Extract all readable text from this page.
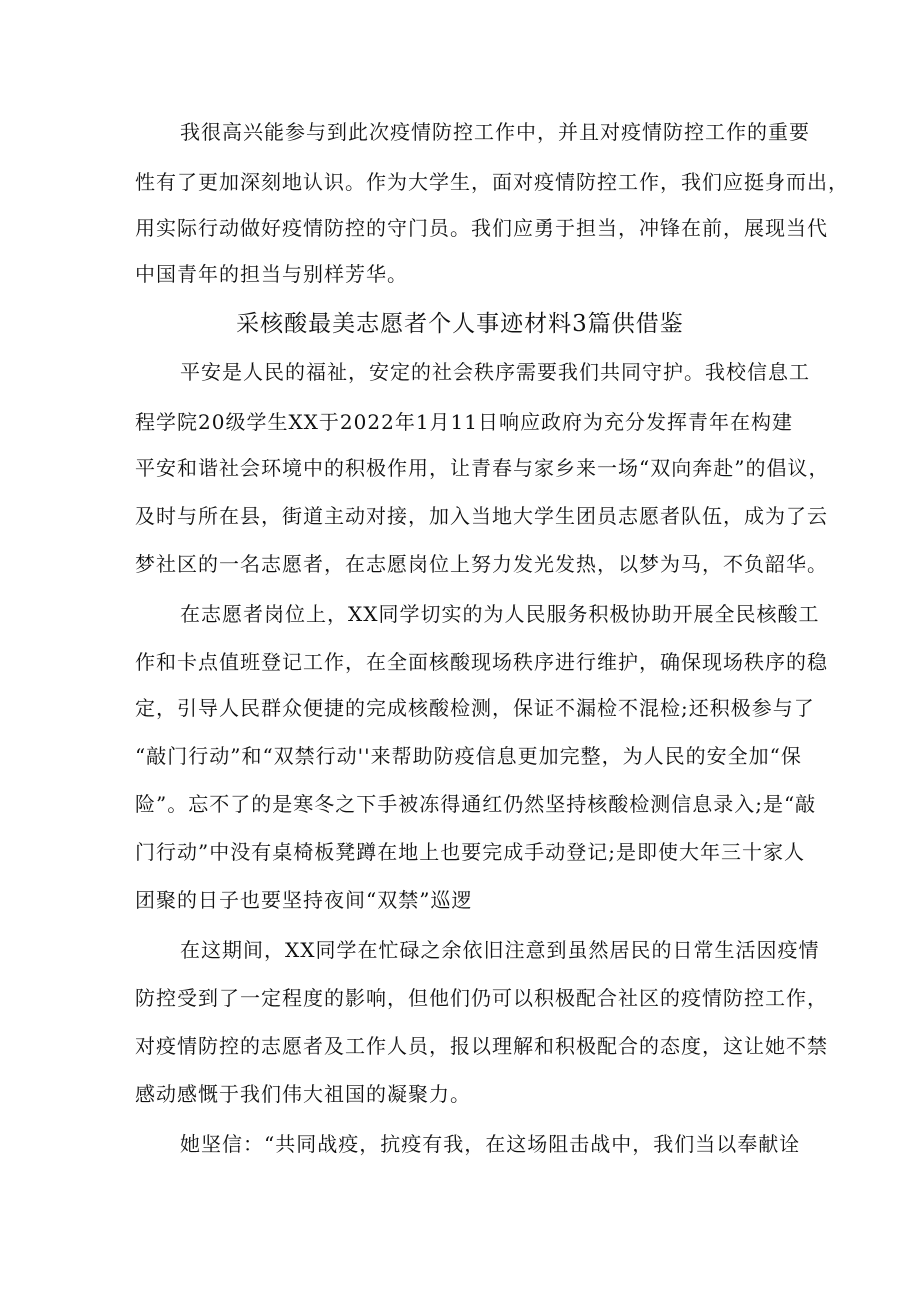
我很高兴能参与到此次疫情防控工作中，并且对疫情防控工作的重要
性有了更加深刻地认识。作为大学生，面对疫情防控工作，我们应挺身而出，
用实际行动做好疫情防控的守门员。我们应勇于担当，冲锋在前，展现当代
中国青年的担当与别样芳华。
采核酸最美志愿者个人事迹材料3篇供借鉴
平安是人民的福祉，安定的社会秩序需要我们共同守护。我校信息工
程学院20级学生XX于2022年1月11日响应政府为充分发挥青年在构建
平安和谐社会环境中的积极作用，让青春与家乡来一场“双向奔赴”的倡议，
及时与所在县，街道主动对接，加入当地大学生团员志愿者队伍，成为了云
梦社区的一名志愿者，在志愿岗位上努力发光发热，以梦为马，不负韶华。
在志愿者岗位上，XX同学切实的为人民服务积极协助开展全民核酸工
作和卡点值班登记工作，在全面核酸现场秩序进行维护，确保现场秩序的稳
定，引导人民群众便捷的完成核酸检测，保证不漏检不混检;还积极参与了
“敲门行动”和“双禁行动''来帮助防疫信息更加完整，为人民的安全加“保
险”。忘不了的是寒冬之下手被冻得通红仍然坚持核酸检测信息录入;是“敲
门行动”中没有桌椅板凳蹲在地上也要完成手动登记;是即使大年三十家人
团聚的日子也要坚持夜间“双禁”巡逻
在这期间，XX同学在忙碌之余依旧注意到虽然居民的日常生活因疫情
防控受到了一定程度的影响，但他们仍可以积极配合社区的疫情防控工作，
对疫情防控的志愿者及工作人员，报以理解和积极配合的态度，这让她不禁
感动感慨于我们伟大祖国的凝聚力。
她坚信：“共同战疫，抗疫有我，在这场阻击战中，我们当以奉献诠
